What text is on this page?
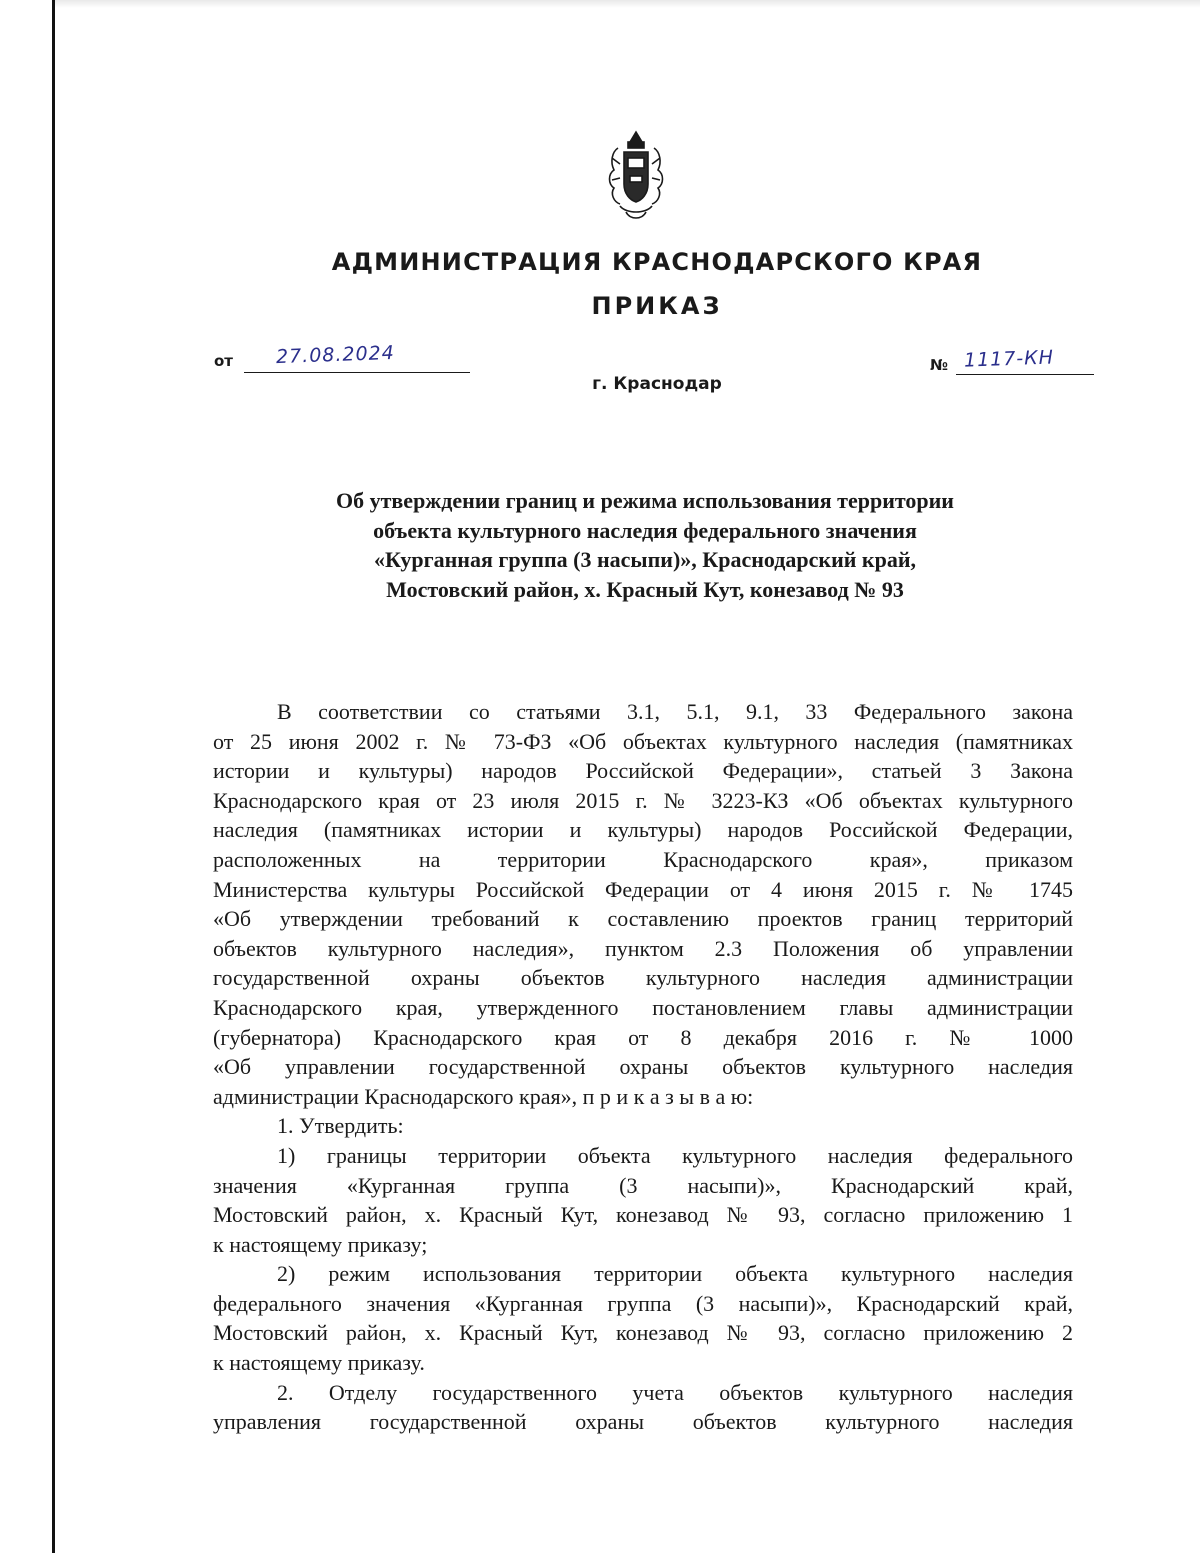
АДМИНИСТРАЦИЯ КРАСНОДАРСКОГО КРАЯ
ПРИКАЗ
от 27.08.2024
г. Краснодар
№ 1117-КН
Об утверждении границ и режима использования территории
объекта культурного наследия федерального значения
«Курганная группа (3 насыпи)», Краснодарский край,
Мостовский район, х. Красный Кут, конезавод № 93
В соответствии со статьями 3.1, 5.1, 9.1, 33 Федерального закона
от 25 июня 2002 г. № 73-ФЗ «Об объектах культурного наследия (памятниках
истории и культуры) народов Российской Федерации», статьей 3 Закона
Краснодарского края от 23 июля 2015 г. № 3223-КЗ «Об объектах культурного
наследия (памятниках истории и культуры) народов Российской Федерации,
расположенных на территории Краснодарского края», приказом
Министерства культуры Российской Федерации от 4 июня 2015 г. № 1745
«Об утверждении требований к составлению проектов границ территорий
объектов культурного наследия», пунктом 2.3 Положения об управлении
государственной охраны объектов культурного наследия администрации
Краснодарского края, утвержденного постановлением главы администрации
(губернатора) Краснодарского края от 8 декабря 2016 г. № 1000
«Об управлении государственной охраны объектов культурного наследия
администрации Краснодарского края», п р и к а з ы в а ю:
1. Утвердить:
1) границы территории объекта культурного наследия федерального
значения «Курганная группа (3 насыпи)», Краснодарский край,
Мостовский район, х. Красный Кут, конезавод № 93, согласно приложению 1
к настоящему приказу;
2) режим использования территории объекта культурного наследия
федерального значения «Курганная группа (3 насыпи)», Краснодарский край,
Мостовский район, х. Красный Кут, конезавод № 93, согласно приложению 2
к настоящему приказу.
2. Отделу государственного учета объектов культурного наследия
управления государственной охраны объектов культурного наследия
